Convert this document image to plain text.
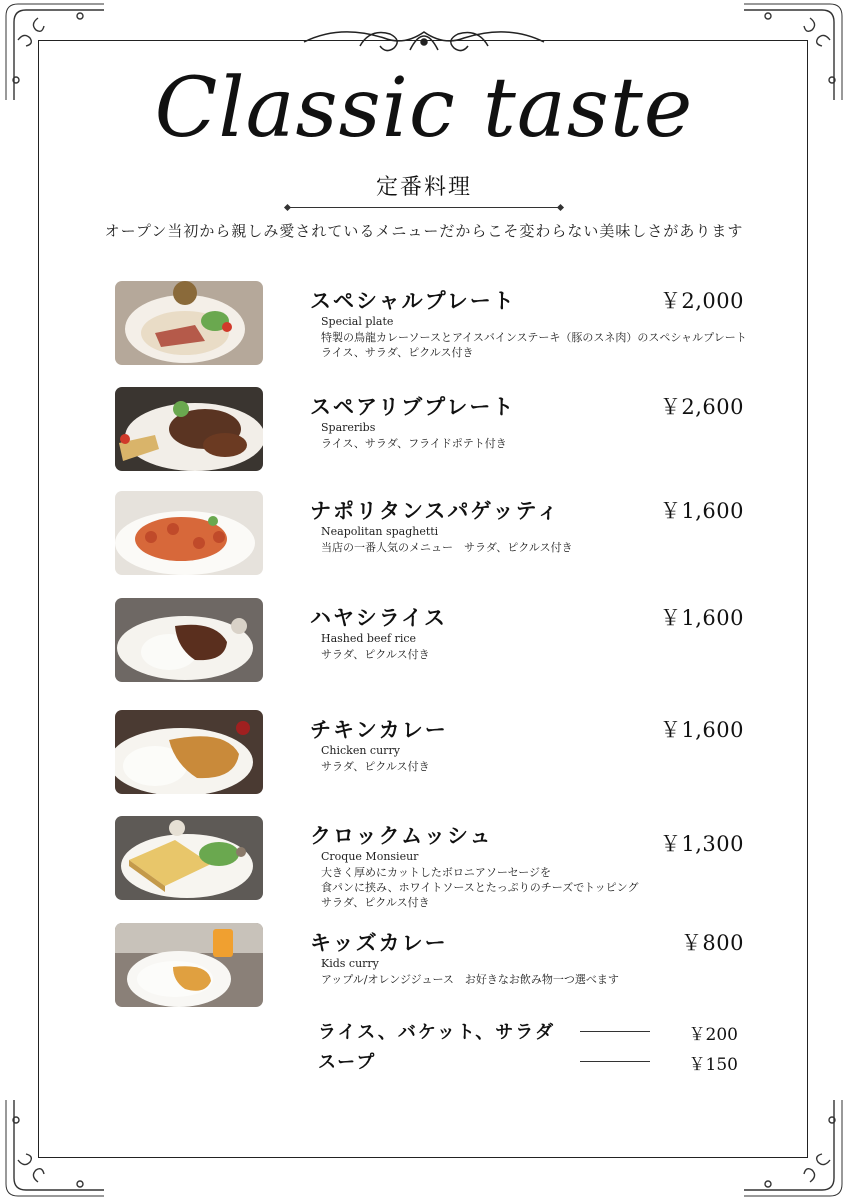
Classic taste
定番料理
オープン当初から親しみ愛されているメニューだからこそ変わらない美味しさがあります
スペシャルプレート
Special plate
特製の鳥龍カレーソースとアイスバインステーキ（豚のスネ肉）のスペシャルプレート
ライス、サラダ、ピクルス付き
￥2,000
スペアリブプレート
Spareribs
ライス、サラダ、フライドポテト付き
￥2,600
ナポリタンスパゲッティ
Neapolitan spaghetti
当店の一番人気のメニュー　サラダ、ピクルス付き
￥1,600
ハヤシライス
Hashed beef rice
サラダ、ピクルス付き
￥1,600
チキンカレー
Chicken curry
サラダ、ピクルス付き
￥1,600
クロックムッシュ
Croque Monsieur
大きく厚めにカットしたボロニアソーセージを
食パンに挟み、ホワイトソースとたっぷりのチーズでトッピング
サラダ、ピクルス付き
￥1,300
キッズカレー
Kids curry
アップル/オレンジジュース　お好きなお飲み物一つ選べます
￥800
ライス、バケット、サラダ	￥200
スープ	￥150
